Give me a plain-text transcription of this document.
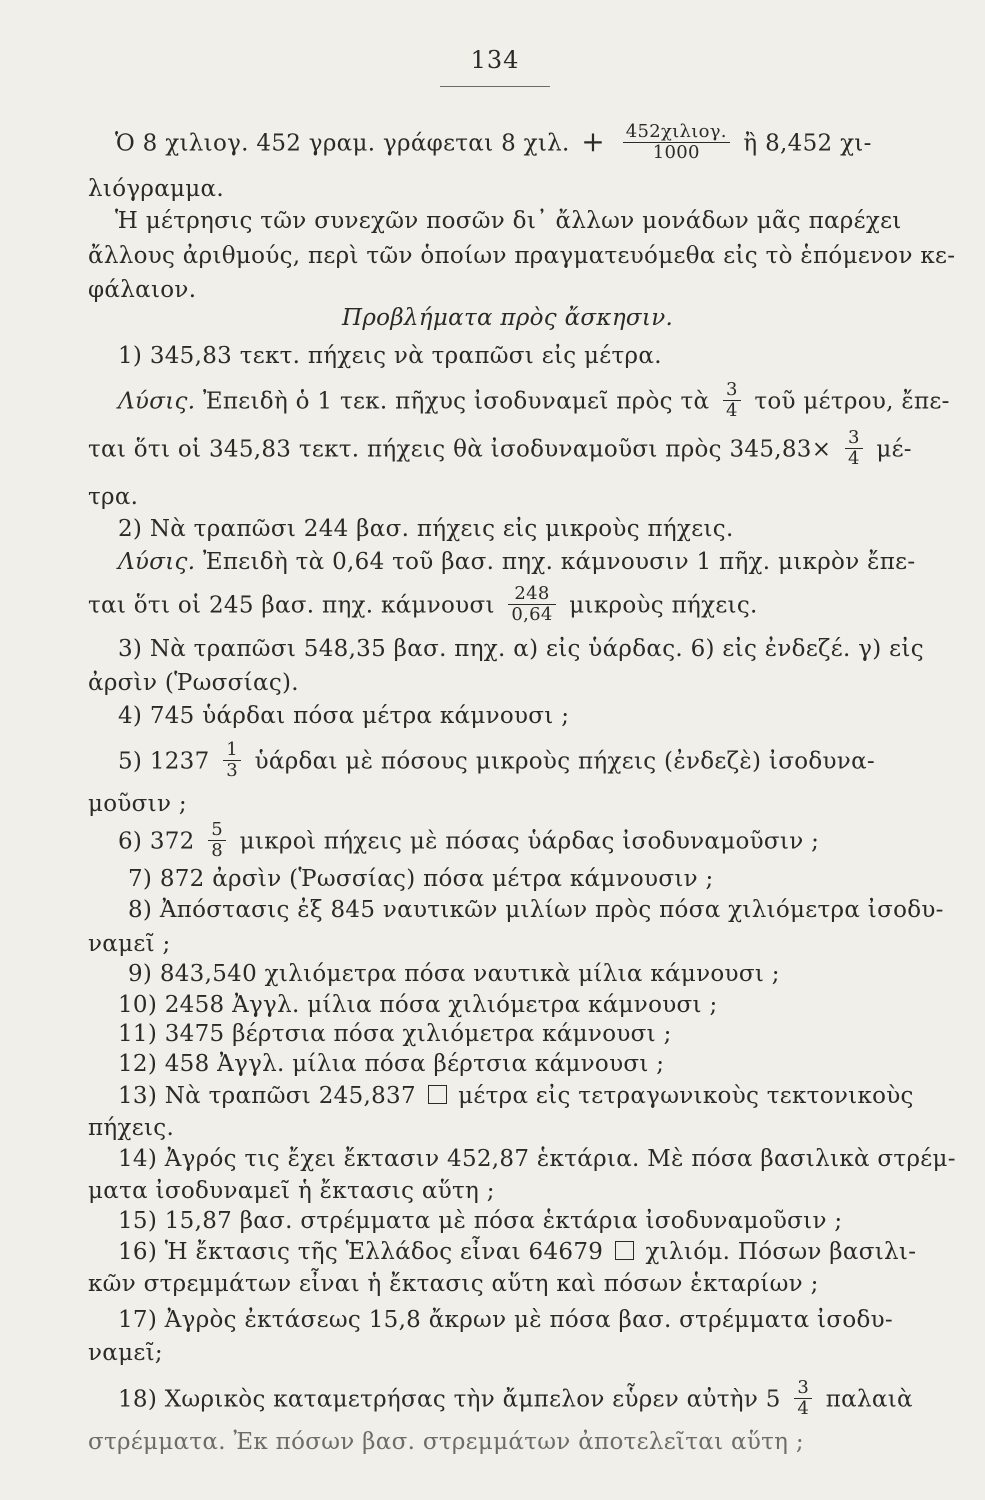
134
Ὁ 8 χιλιογ. 452 γραμ. γράφεται 8 χιλ. + $\frac{\text{452χιλιογ.}}{1000}$ ἢ 8,452 χι-
λιόγραμμα.
Ἡ μέτρησις τῶν συνεχῶν ποσῶν δι᾽ ἄλλων μονάδων μᾶς παρέχει
ἄλλους ἀριθμούς, περὶ τῶν ὁποίων πραγματευόμεθα εἰς τὸ ἑπόμενον κε-
φάλαιον.
Προβλήματα πρὸς ἄσκησιν.
1) 345,83 τεκτ. πήχεις νὰ τραπῶσι εἰς μέτρα.
Λύσις. Ἐπειδὴ ὁ 1 τεκ. πῆχυς ἰσοδυναμεῖ πρὸς τὰ $\frac{3}{4}$ τοῦ μέτρου, ἔπε-
ται ὅτι οἱ 345,83 τεκτ. πήχεις θὰ ἰσοδυναμοῦσι πρὸς $345,83\times \frac{3}{4} \mu έ-$
τρα.
2) Νὰ τραπῶσι 244 βασ. πήχεις εἰς μικροὺς πήχεις.
Λύσις. Ἐπειδὴ τὰ 0,64 τοῦ βασ. πηχ. κάμνουσιν 1 πῆχ. μικρὸν ἔπε-
ται ὅτι οἱ 245 βασ. πηχ. κάμνουσι $\frac{248}{0,64}$ μικροὺς πήχεις.
3) Νὰ τραπῶσι 548,35 βασ. πηχ. α) εἰς ὑάρδας. 6) εἰς ἐνδεζέ. γ) εἰς
ἀρσὶν (Ῥωσσίας).
4) 745 ὑάρδαι πόσα μέτρα κάμνουσι ;
5) $1237 \frac{1}{3}$ ὑάρδαι μὲ πόσους μικροὺς πήχεις (ἐνδεζὲ) ἰσοδυνα-
μοῦσιν ;
6) $372 \frac{5}{8}$ μικροὶ πήχεις μὲ πόσας ὑάρδας ἰσοδυναμοῦσιν ;
7) 872 ἀρσὶν (Ῥωσσίας) πόσα μέτρα κάμνουσιν ;
8) Ἀπόστασις ἐξ 845 ναυτικῶν μιλίων πρὸς πόσα χιλιόμετρα ἰσοδυ-
ναμεῖ ;
9) 843,540 χιλιόμετρα πόσα ναυτικὰ μίλια κάμνουσι ;
10) 2458 Ἀγγλ. μίλια πόσα χιλιόμετρα κάμνουσι ;
11) 3475 βέρτσια πόσα χιλιόμετρα κάμνουσι ;
12) 458 Ἀγγλ. μίλια πόσα βέρτσια κάμνουσι ;
13) Νὰ τραπῶσι 245,837 μέτρα εἰς τετραγωνικοὺς τεκτονικοὺς
πήχεις.
14) Ἀγρός τις ἔχει ἔκτασιν 452,87 ἑκτάρια. Μὲ πόσα βασιλικὰ στρέμ-
ματα ἰσοδυναμεῖ ἡ ἔκτασις αὕτη ;
15) 15,87 βασ. στρέμματα μὲ πόσα ἑκτάρια ἰσοδυναμοῦσιν ;
16) Ἡ ἔκτασις τῆς Ἑλλάδος εἶναι 64679 χιλιόμ. Πόσων βασιλι-
κῶν στρεμμάτων εἶναι ἡ ἔκτασις αὕτη καὶ πόσων ἑκταρίων ;
17) Ἀγρὸς ἐκτάσεως 15,8 ἄκρων μὲ πόσα βασ. στρέμματα ἰσοδυ-
ναμεῖ;
18) Χωρικὸς καταμετρήσας τὴν ἄμπελον εὗρεν αὐτὴν $5 \frac{3}{4}$ παλαιὰ
στρέμματα. Ἐκ πόσων βασ. στρεμμάτων ἀποτελεῖται αὕτη ;
